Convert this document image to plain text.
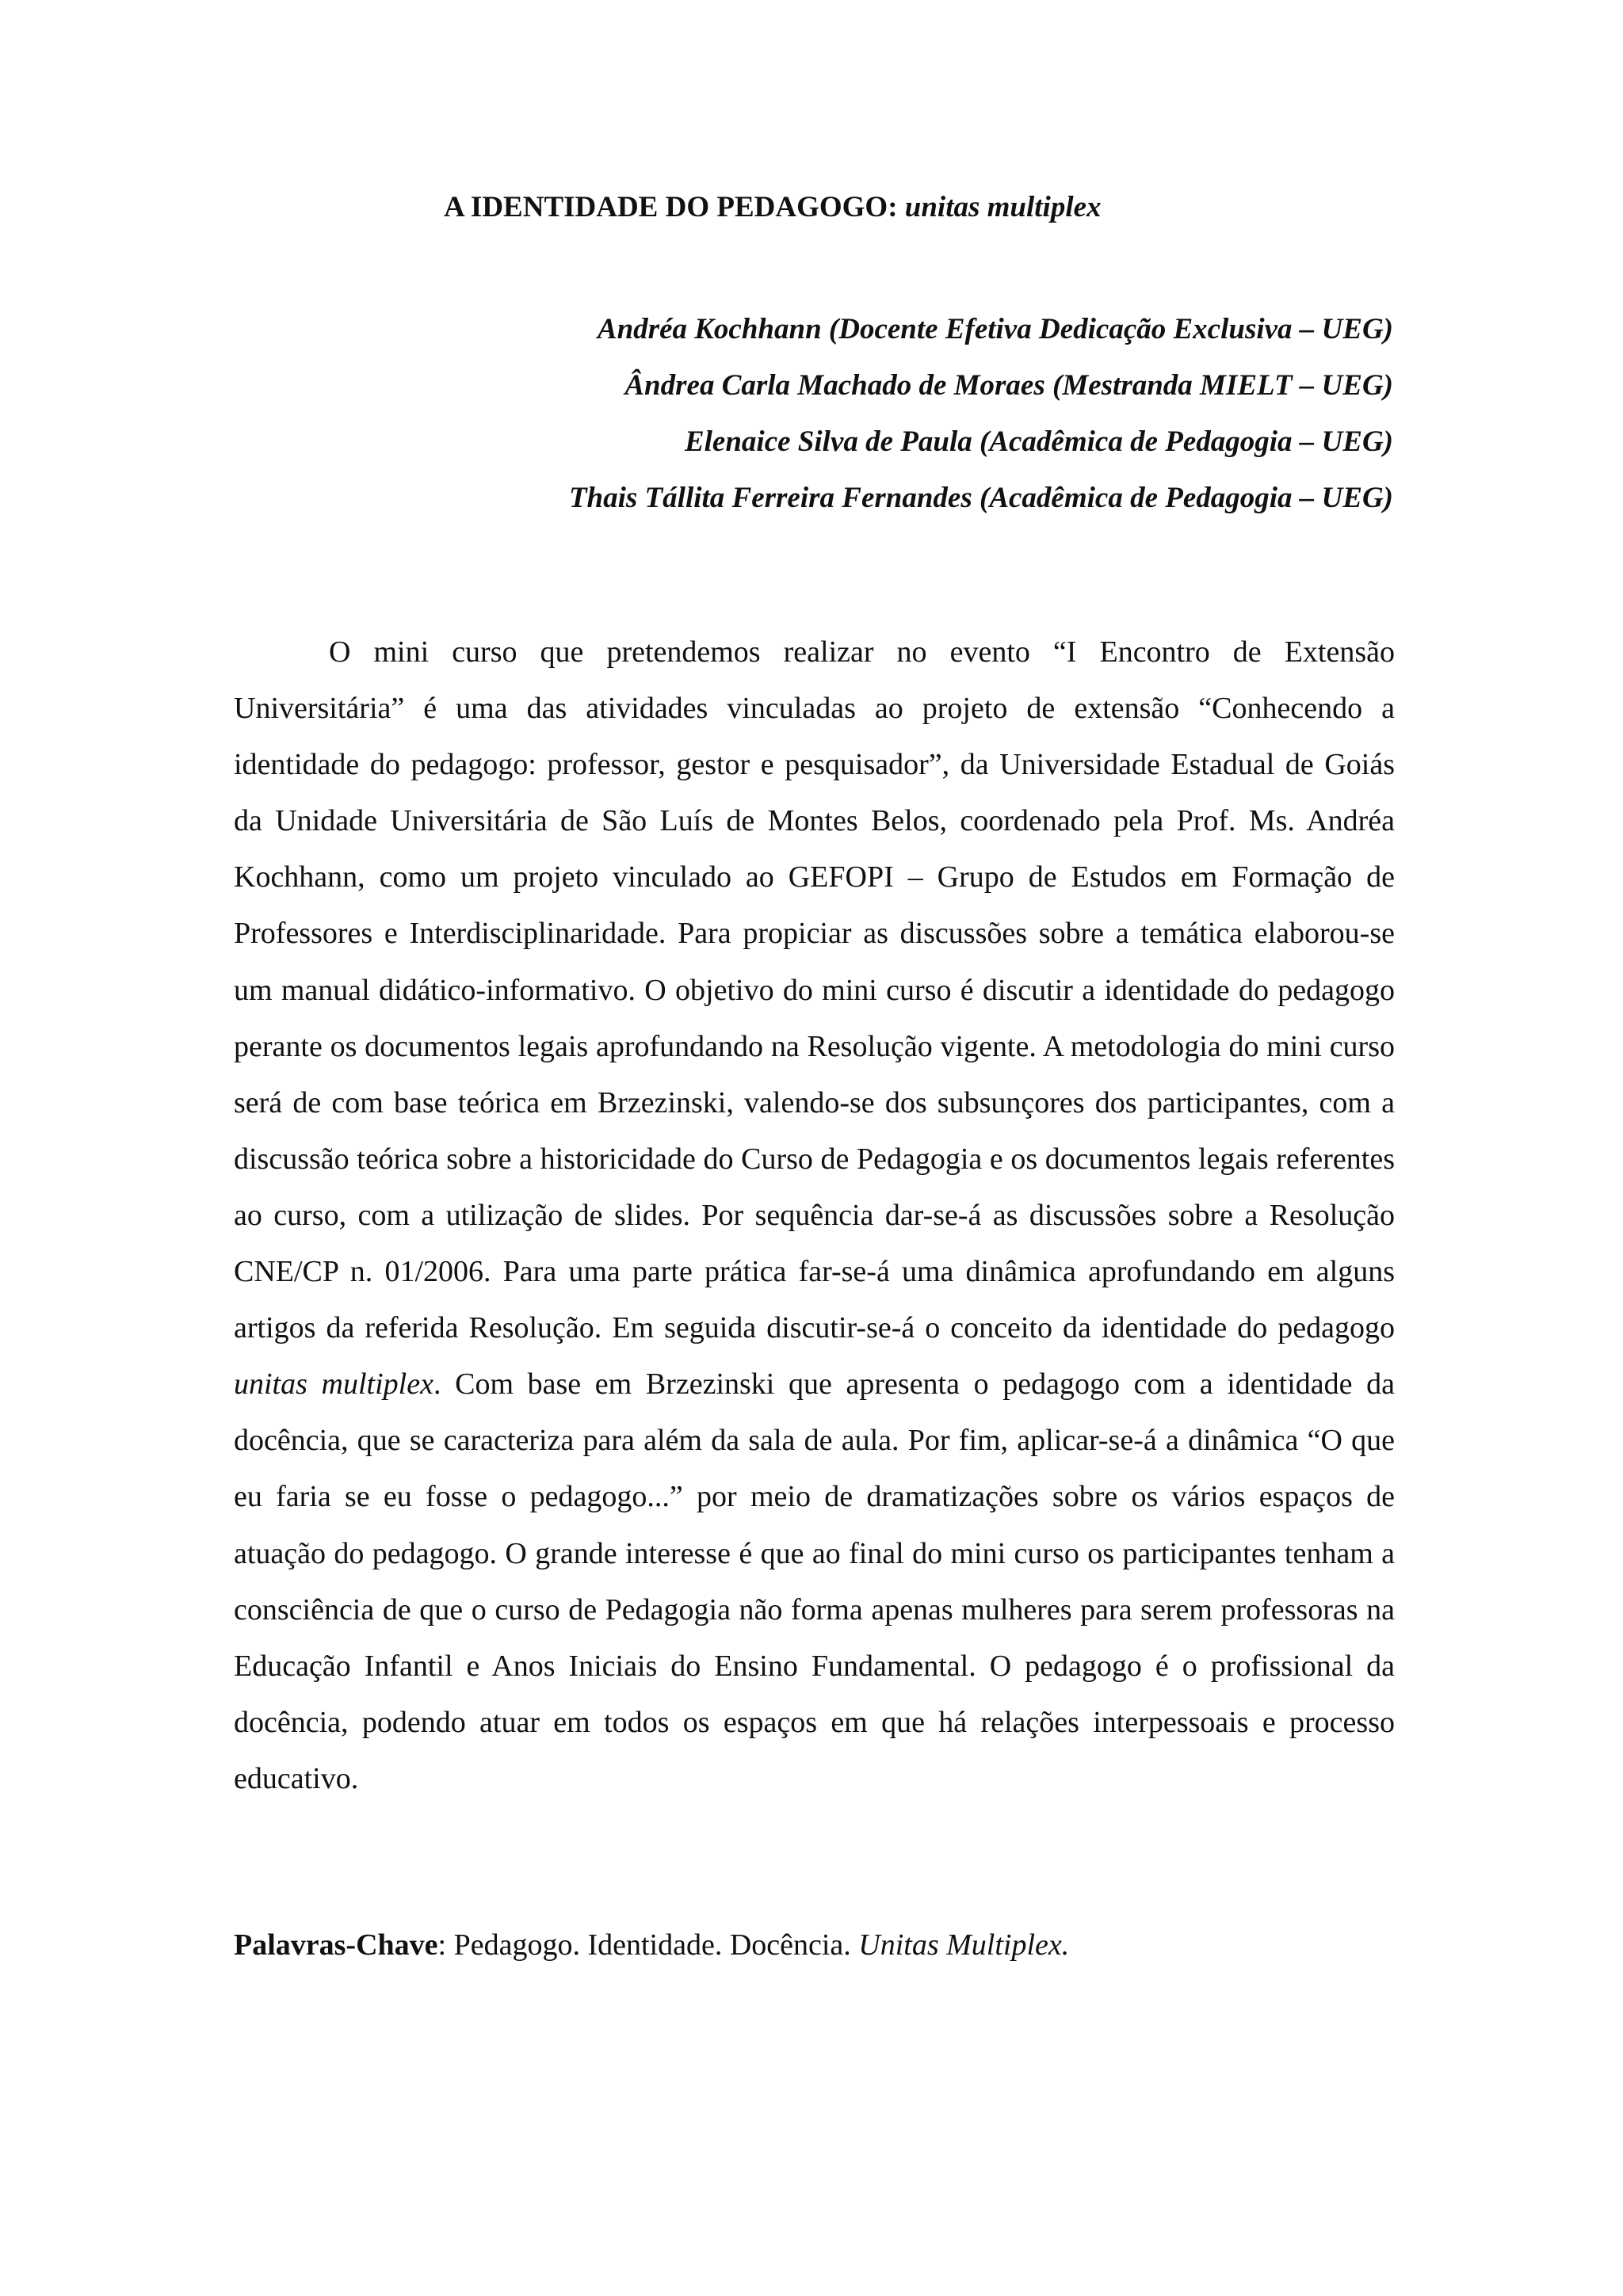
A IDENTIDADE DO PEDAGOGO: unitas multiplex
Andréa Kochhann (Docente Efetiva Dedicação Exclusiva – UEG)
Ândrea Carla Machado de Moraes (Mestranda MIELT – UEG)
Elenaice Silva de Paula (Acadêmica de Pedagogia – UEG)
Thais Tállita Ferreira Fernandes (Acadêmica de Pedagogia – UEG)

O mini curso que pretendemos realizar no evento “I Encontro de Extensão Universitária” é uma das atividades vinculadas ao projeto de extensão “Conhecendo a identidade do pedagogo: professor, gestor e pesquisador”, da Universidade Estadual de Goiás da Unidade Universitária de São Luís de Montes Belos, coordenado pela Prof. Ms. Andréa Kochhann, como um projeto vinculado ao GEFOPI – Grupo de Estudos em Formação de Professores e Interdisciplinaridade. Para propiciar as discussões sobre a temática elaborou-se um manual didático-informativo. O objetivo do mini curso é discutir a identidade do pedagogo perante os documentos legais aprofundando na Resolução vigente. A metodologia do mini curso será de com base teórica em Brzezinski, valendo-se dos subsunçores dos participantes, com a discussão teórica sobre a historicidade do Curso de Pedagogia e os documentos legais referentes ao curso, com a utilização de slides. Por sequência dar-se-á as discussões sobre a Resolução CNE/CP n. 01/2006. Para uma parte prática far-se-á uma dinâmica aprofundando em alguns artigos da referida Resolução. Em seguida discutir-se-á o conceito da identidade do pedagogo unitas multiplex. Com base em Brzezinski que apresenta o pedagogo com a identidade da docência, que se caracteriza para além da sala de aula. Por fim, aplicar-se-á a dinâmica “O que eu faria se eu fosse o pedagogo...” por meio de dramatizações sobre os vários espaços de atuação do pedagogo. O grande interesse é que ao final do mini curso os participantes tenham a consciência de que o curso de Pedagogia não forma apenas mulheres para serem professoras na Educação Infantil e Anos Iniciais do Ensino Fundamental. O pedagogo é o profissional da docência, podendo atuar em todos os espaços em que há relações interpessoais e processo educativo.

Palavras-Chave: Pedagogo. Identidade. Docência. Unitas Multiplex.
